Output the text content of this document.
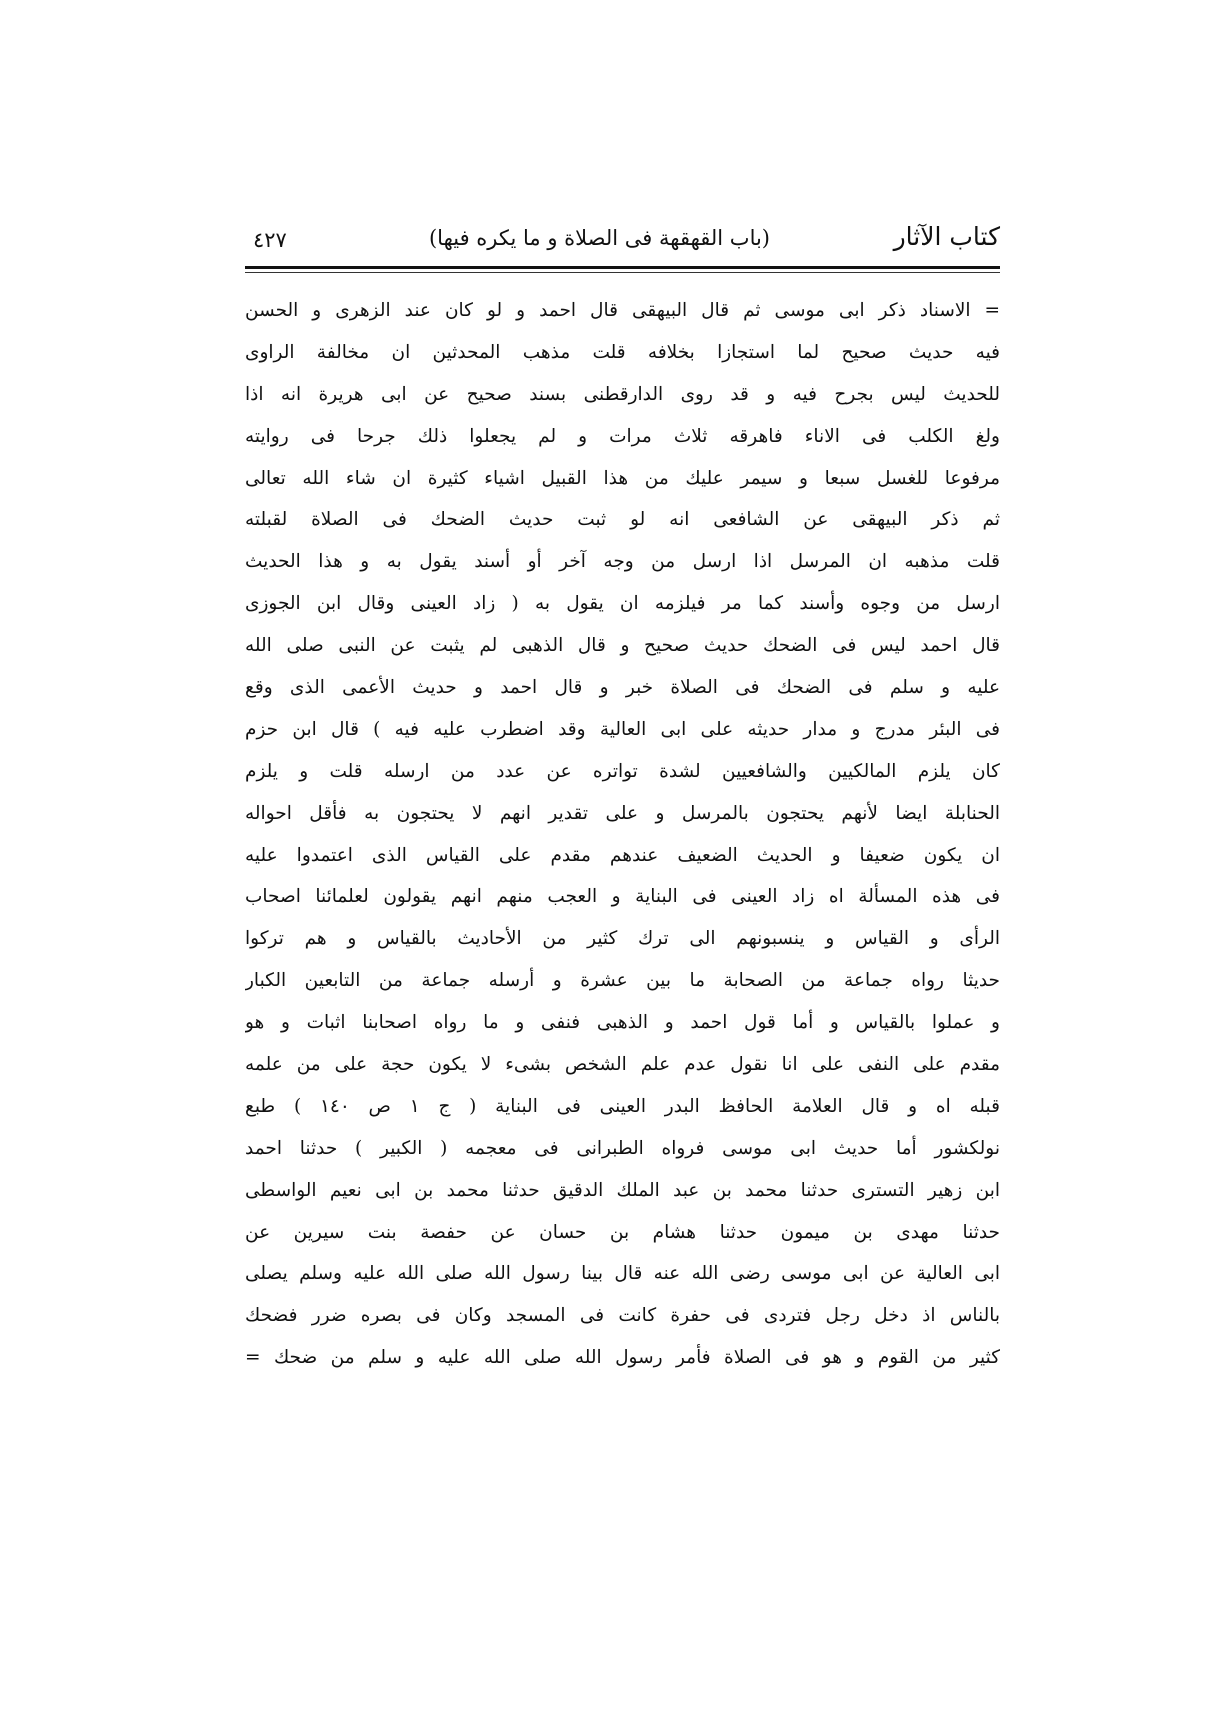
كتاب الآثار
(باب القهقهة فى الصلاة و ما يكره فيها)
٤٢٧
= الاسناد ذكر ابى موسى ثم قال البيهقى قال احمد و لو كان عند الزهرى و الحسن
فيه حديث صحيح لما استجازا بخلافه قلت مذهب المحدثين ان مخالفة الراوى
للحديث ليس بجرح فيه و قد روى الدارقطنى بسند صحيح عن ابى هريرة انه اذا
ولغ الكلب فى الاناء فاهرقه ثلاث مرات و لم يجعلوا ذلك جرحا فى روايته
مرفوعا للغسل سبعا و سيمر عليك من هذا القبيل اشياء كثيرة ان شاء الله تعالى
ثم ذكر البيهقى عن الشافعى انه لو ثبت حديث الضحك فى الصلاة لقبلته
قلت مذهبه ان المرسل اذا ارسل من وجه آخر أو أسند يقول به و هذا الحديث
ارسل من وجوه وأسند كما مر فيلزمه ان يقول به ( زاد العينى وقال ابن الجوزى
قال احمد ليس فى الضحك حديث صحيح و قال الذهبى لم يثبت عن النبى صلى الله
عليه و سلم فى الضحك فى الصلاة خبر و قال احمد و حديث الأعمى الذى وقع
فى البئر مدرج و مدار حديثه على ابى العالية وقد اضطرب عليه فيه ) قال ابن حزم
كان يلزم المالكيين والشافعيين لشدة تواتره عن عدد من ارسله قلت و يلزم
الحنابلة ايضا لأنهم يحتجون بالمرسل و على تقدير انهم لا يحتجون به فأقل احواله
ان يكون ضعيفا و الحديث الضعيف عندهم مقدم على القياس الذى اعتمدوا عليه
فى هذه المسألة اه زاد العينى فى البناية و العجب منهم انهم يقولون لعلمائنا اصحاب
الرأى و القياس و ينسبونهم الى ترك كثير من الأحاديث بالقياس و هم تركوا
حديثا رواه جماعة من الصحابة ما بين عشرة و أرسله جماعة من التابعين الكبار
و عملوا بالقياس و أما قول احمد و الذهبى فنفى و ما رواه اصحابنا اثبات و هو
مقدم على النفى على انا نقول عدم علم الشخص بشىء لا يكون حجة على من علمه
قبله اه و قال العلامة الحافظ البدر العينى فى البناية ( ج ١ ص ١٤٠ ) طبع
نولكشور أما حديث ابى موسى فرواه الطبرانى فى معجمه ( الكبير ) حدثنا احمد
ابن زهير التسترى حدثنا محمد بن عبد الملك الدقيق حدثنا محمد بن ابى نعيم الواسطى
حدثنا مهدى بن ميمون حدثنا هشام بن حسان عن حفصة بنت سيرين عن
ابى العالية عن ابى موسى رضى الله عنه قال بينا رسول الله صلى الله عليه وسلم يصلى
بالناس اذ دخل رجل فتردى فى حفرة كانت فى المسجد وكان فى بصره ضرر فضحك
كثير من القوم و هو فى الصلاة فأمر رسول الله صلى الله عليه و سلم من ضحك =
